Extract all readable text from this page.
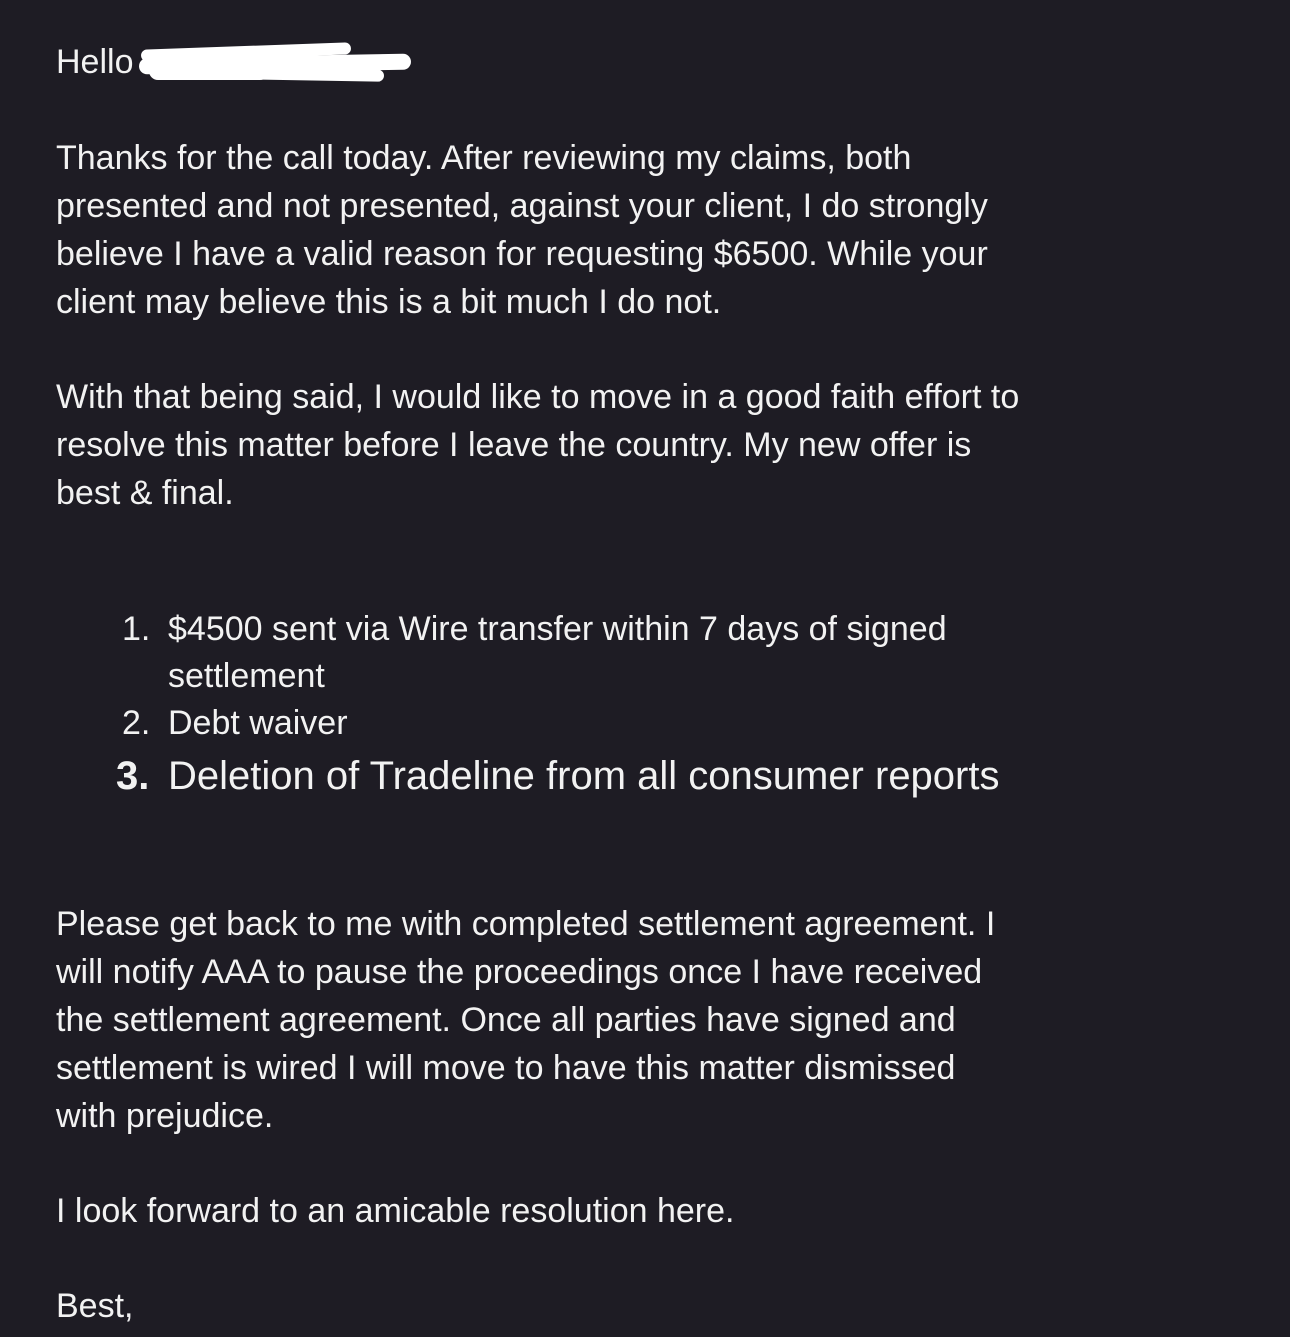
Hello

Thanks for the call today. After reviewing my claims, both
presented and not presented, against your client, I do strongly
believe I have a valid reason for requesting $6500. While your
client may believe this is a bit much I do not.

With that being said, I would like to move in a good faith effort to
resolve this matter before I leave the country. My new offer is
best & final.

1. $4500 sent via Wire transfer within 7 days of signed
settlement
2. Debt waiver
3. Deletion of Tradeline from all consumer reports

Please get back to me with completed settlement agreement. I
will notify AAA to pause the proceedings once I have received
the settlement agreement. Once all parties have signed and
settlement is wired I will move to have this matter dismissed
with prejudice.

I look forward to an amicable resolution here.

Best,
